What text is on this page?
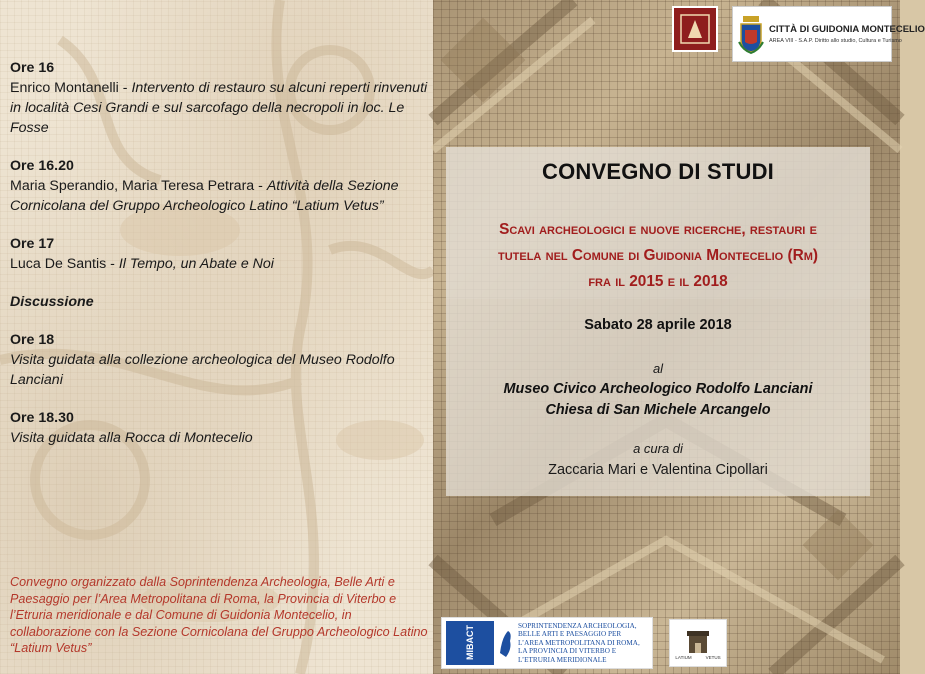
Ore 16
Enrico Montanelli - Intervento di restauro su alcuni reperti rinvenuti in località Cesi Grandi e sul sarcofago della necropoli in loc. Le Fosse
Ore 16.20
Maria Sperandio, Maria Teresa Petrara - Attività della Sezione Cornicolana del Gruppo Archeologico Latino “Latium Vetus”
Ore 17
Luca De Santis - Il Tempo, un Abate e Noi
Discussione
Ore 18
Visita guidata alla collezione archeologica del Museo Rodolfo Lanciani
Ore 18.30
Visita guidata alla Rocca di Montecelio
Convegno organizzato dalla Soprintendenza Archeologia, Belle Arti e Paesaggio per l’Area Metropolitana di Roma, la Provincia di Viterbo e l’Etruria meridionale e dal Comune di Guidonia Montecelio, in collaborazione con la Sezione Cornicolana del Gruppo Archeologico Latino “Latium Vetus”
CITTÀ DI GUIDONIA MONTECELIO
AREA VIII - S.A.P. Diritto allo studio, Cultura e Turismo
CONVEGNO DI STUDI
Scavi archeologici e nuove ricerche, restauri e
tutela nel Comune di Guidonia Montecelio (Rm)
fra il 2015 e il 2018
Sabato 28 aprile 2018
al
Museo Civico Archeologico Rodolfo Lanciani
Chiesa di San Michele Arcangelo
a cura di
Zaccaria Mari e Valentina Cipollari
MIBACT	SOPRINTENDENZA ARCHEOLOGIA, BELLE ARTI E PAESAGGIO PER L’AREA METROPOLITANA DI ROMA, LA PROVINCIA DI VITERBO E L’ETRURIA MERIDIONALE	LATIUM	VETUS
